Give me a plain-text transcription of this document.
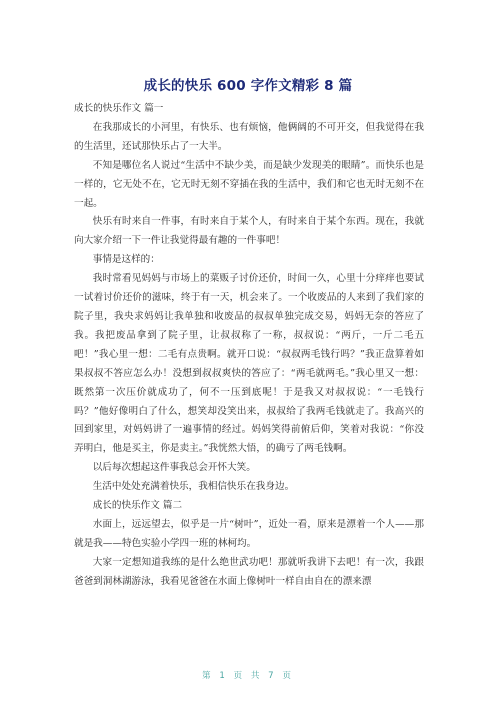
成长的快乐 600 字作文精彩 8 篇

成长的快乐作文 篇一

在我那成长的小河里，有快乐、也有烦恼，他俩阔的不可开交，但我觉得在我的生活里，还试那快乐占了一大半。

不知是哪位名人说过“生活中不缺少美，而是缺少发现美的眼睛”。而快乐也是一样的，它无处不在，它无时无刻不穿插在我的生活中，我们和它也无时无刻不在一起。

快乐有时来自一件事，有时来自于某个人，有时来自于某个东西。现在，我就向大家介绍一下一件让我觉得最有趣的一件事吧！

事情是这样的：

我时常看见妈妈与市场上的菜贩子讨价还价，时间一久，心里十分痒痒也要试一试着讨价还价的滋味，终于有一天，机会来了。一个收废品的人来到了我们家的院子里，我央求妈妈让我单独和收废品的叔叔单独完成交易，妈妈无奈的答应了我。我把废品拿到了院子里，让叔叔称了一称，叔叔说：“两斤，一斤二毛五吧！”我心里一想：二毛有点贵啊。就开口说：“叔叔两毛钱行吗？”我正盘算着如果叔叔不答应怎么办！没想到叔叔爽快的答应了：“两毛就两毛。”我心里又一想：既然第一次压价就成功了，何不一压到底呢！于是我又对叔叔说：“一毛钱行吗？”他好像明白了什么，想笑却没笑出来，叔叔给了我两毛钱就走了。我高兴的回到家里，对妈妈讲了一遍事情的经过。妈妈笑得前俯后仰，笑着对我说：“你没弄明白，他是买主，你是卖主。”我恍然大悟，的确亏了两毛钱啊。

以后每次想起这件事我总会开怀大笑。

生活中处处充满着快乐，我相信快乐在我身边。

成长的快乐作文 篇二

水面上，远远望去，似乎是一片“树叶”，近处一看，原来是漂着一个人——那就是我——特色实验小学四一班的林柯均。

大家一定想知道我练的是什么绝世武功吧！那就听我讲下去吧！有一次，我跟爸爸到洞林湖游泳，我看见爸爸在水面上像树叶一样自由自在的漂来漂

第 1 页 共 7 页
